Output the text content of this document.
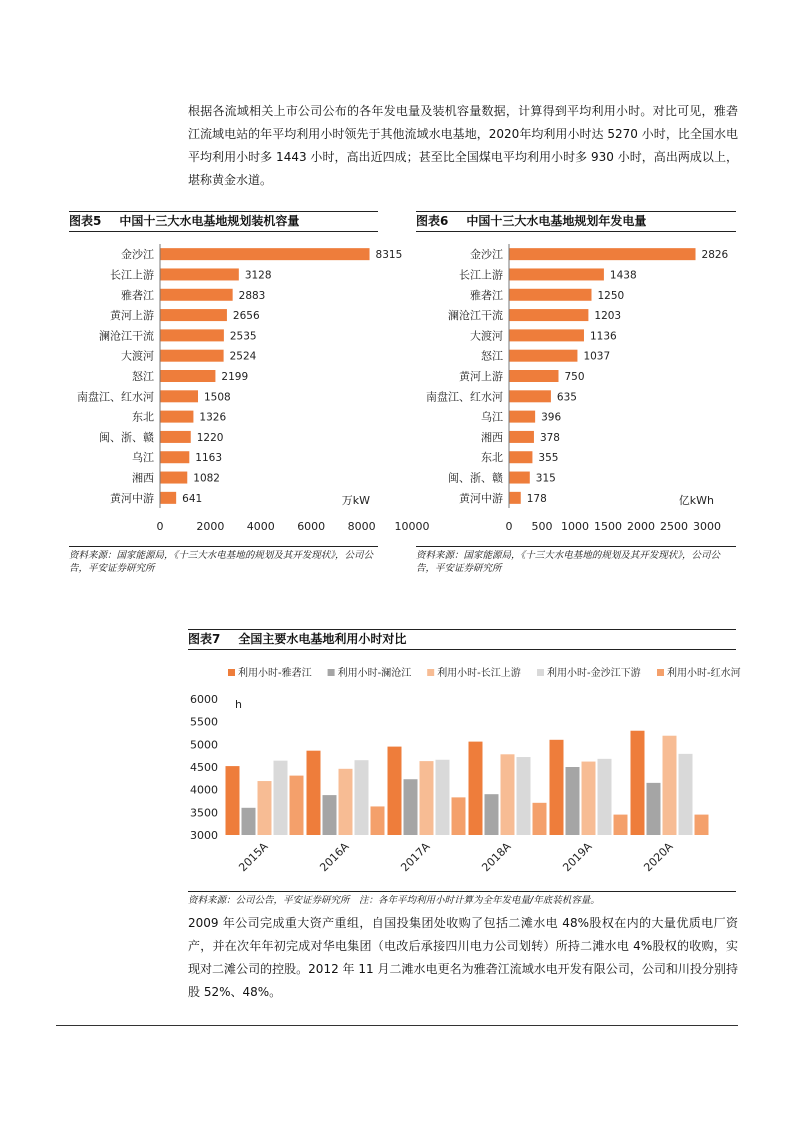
根据各流域相关上市公司公布的各年发电量及装机容量数据，计算得到平均利用小时。对比可见，雅砻江流域电站的年平均利用小时领先于其他流域水电基地，2020年均利用小时达 5270 小时，比全国水电平均利用小时多 1443 小时，高出近四成；甚至比全国煤电平均利用小时多 930 小时，高出两成以上，堪称黄金水道。
图表5 中国十三大水电基地规划装机容量
金沙江	8315
长江上游	3128
雅砻江	2883
黄河上游	2656
澜沧江干流	2535
大渡河	2524
怒江	2199
南盘江、红水河	1508
东北	1326
闽、浙、赣	1220
乌江	1163
湘西	1082
黄河中游	641
0	2000 4000 6000 8000 10000
万kW
资料来源：国家能源局，《十三大水电基地的规划及其开发现状》，公司公告，平安证券研究所
图表6 中国十三大水电基地规划年发电量
金沙江	2826
长江上游	1438
雅砻江	1250
澜沧江干流	1203
大渡河	1136
怒江	1037
黄河上游	750
南盘江、红水河	635
乌江	396
湘西	378
东北	355
闽、浙、赣	315
黄河中游 178
0 500 1000 1500 2000 2500 3000
亿kWh
资料来源：国家能源局，《十三大水电基地的规划及其开发现状》，公司公告，平安证券研究所
图表7 全国主要水电基地利用小时对比
利用小时-雅砻江	利用小时-澜沧江	利用小时-长江上游	利用小时-金沙江下游	利用小时-红水河
3000
3500
4000
4500
5000
5500
6000 h
2015A	2016A	2017A	2018A	2019A	2020A
资料来源：公司公告，平安证券研究所　注：各年平均利用小时计算为全年发电量/年底装机容量。
2009 年公司完成重大资产重组，自国投集团处收购了包括二滩水电 48%股权在内的大量优质电厂资产，并在次年年初完成对华电集团（电改后承接四川电力公司划转）所持二滩水电 4%股权的收购，实现对二滩公司的控股。2012 年 11 月二滩水电更名为雅砻江流域水电开发有限公司，公司和川投分别持股 52%、48%。
